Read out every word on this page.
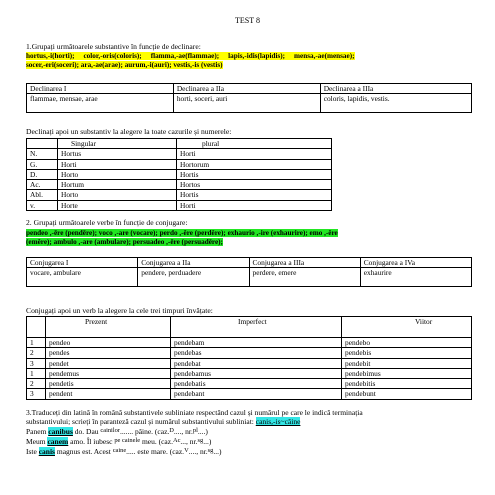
TEST 8
1.Grupați următoarele substantive în funcție de declinare:
hortus,-i(horti);     color,-oris(coloris);     flamma,-ae(flammae);     lapis,-idis(lapidis);     mensa,-ae(mensae);
socer,-eri(soceri); ara,-ae(arae); aurum,-i(auri); vestis,-is (vestis)
Declinarea I	Declinarea a IIa	Declinarea a IIIa
flammae, mensae, arae	horti, soceri, auri	coloris, lapidis, vestis.
Declinați apoi un substantiv la alegere la toate cazurile și numerele:
	Singular	plural
N.	Hortus	Horti
G.	Horti	Hortorum
D.	Horto	Hortis
Ac.	Hortum	Hortos
Abl.	Horto	Hortis
v.	Horte	Horti
2. Grupați următoarele verbe în funcție de conjugare:
pendeo ,-ēre (pendēre); voco ,-are (vocare); perdo ,-ĕre (perdĕre); exhaurio ,-ire (exhaurire); emo ,-ĕre
(emĕre); ambulo ,-are (ambulare); persuadeo ,-ēre (persuadēre);
Conjugarea I	Conjugarea a IIa	Conjugarea a IIIa	Conjugarea a IVa
vocare, ambulare	pendere, perduadere	perdere, emere	exhaurire
Conjugați apoi un verb la alegere la cele trei timpuri învățate:
	Prezent	Imperfect	Viitor
1	pendeo	pendebam	pendebo
2	pendes	pendebas	pendebis
3	pendet	pendebat	pendebit
1	pendemus	pendebamus	pendebimus
2	pendetis	pendebatis	pendebitis
3	pendent	pendebant	pendebunt
3.Traduceți din latină în română substantivele subliniate respectând cazul și numărul pe care le indică terminația
substantivului; scrieți în paranteză cazul și numărul substantivului subliniat: canis,-is~câine
Panem canibus do. Dau cainilor....... pâine. (caz.D...., nr.pl....)
Meum canem amo. Îl iubesc pe cainele meu. (caz.Ac..., nr.sg...)
Iste canis magnus est. Acest caine..... este mare. (caz.V...., nr.sg...)
